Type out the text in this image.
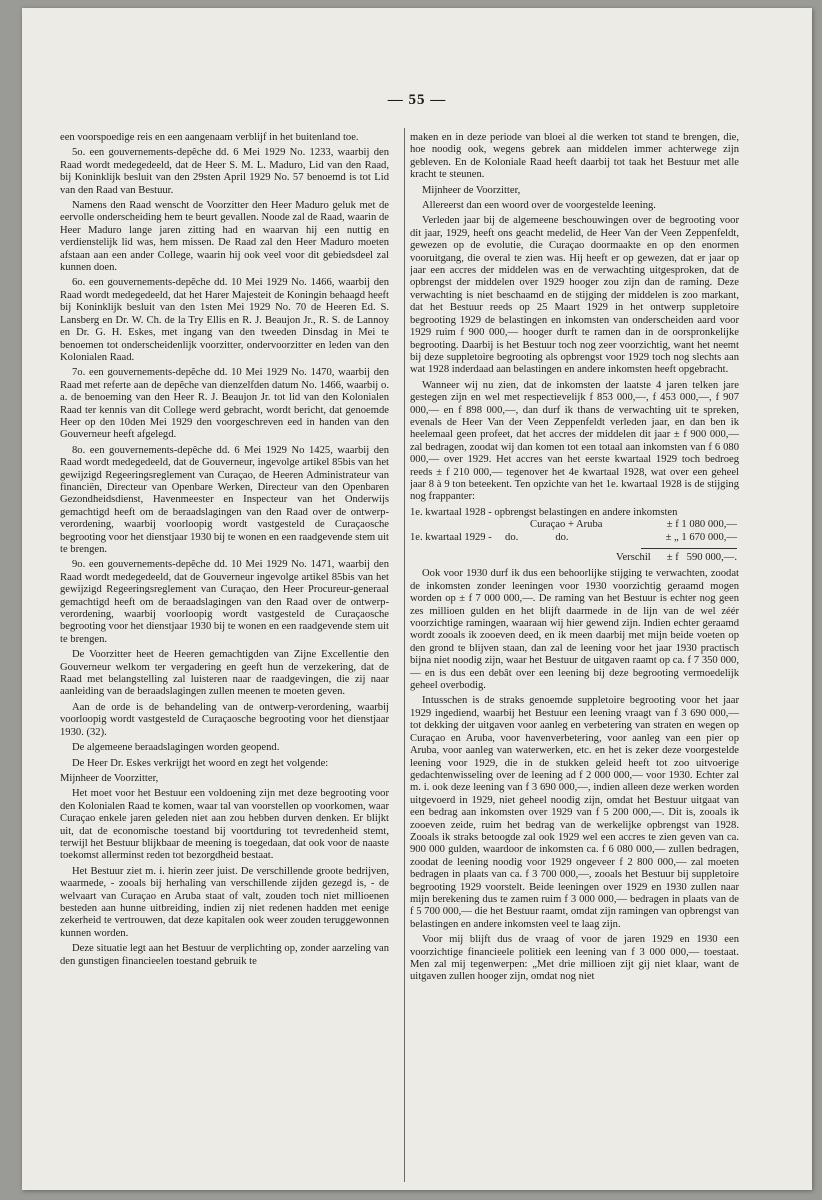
— 55 —

een voorspoedige reis en een aangenaam verblijf in het buitenland toe.

5o. een gouvernements-depêche dd. 6 Mei 1929 No. 1233, waarbij den Raad wordt medegedeeld, dat de Heer S. M. L. Maduro, Lid van den Raad, bij Koninklijk besluit van den 29sten April 1929 No. 57 benoemd is tot Lid van den Raad van Bestuur.

Namens den Raad wenscht de Voorzitter den Heer Maduro geluk met de eervolle onderscheiding hem te beurt gevallen. Noode zal de Raad, waarin de Heer Maduro lange jaren zitting had en waarvan hij een nuttig en verdienstelijk lid was, hem missen. De Raad zal den Heer Maduro moeten afstaan aan een ander College, waarin hij ook veel voor dit gebiedsdeel zal kunnen doen.

6o. een gouvernements-depêche dd. 10 Mei 1929 No. 1466, waarbij den Raad wordt medegedeeld, dat het Harer Majesteit de Koningin behaagd heeft bij Koninklijk besluit van den 1sten Mei 1929 No. 70 de Heeren Ed. S. Lansberg en Dr. W. Ch. de la Try Ellis en R. J. Beaujon Jr., R. S. de Lannoy en Dr. G. H. Eskes, met ingang van den tweeden Dinsdag in Mei te benoemen tot onderscheidenlijk voorzitter, ondervoorzitter en leden van den Kolonialen Raad.

7o. een gouvernements-depêche dd. 10 Mei 1929 No. 1470, waarbij den Raad met referte aan de depêche van dienzelfden datum No. 1466, waarbij o. a. de benoeming van den Heer R. J. Beaujon Jr. tot lid van den Kolonialen Raad ter kennis van dit College werd gebracht, wordt bericht, dat genoemde Heer op den 10den Mei 1929 den voorgeschreven eed in handen van den Gouverneur heeft afgelegd.

8o. een gouvernements-depêche dd. 6 Mei 1929 No 1425, waarbij den Raad wordt medegedeeld, dat de Gouverneur, ingevolge artikel 85bis van het gewijzigd Regeeringsreglement van Curaçao, de Heeren Administrateur van financiën, Directeur van Openbare Werken, Directeur van den Openbaren Gezondheidsdienst, Havenmeester en Inspecteur van het Onderwijs gemachtigd heeft om de beraadslagingen van den Raad over de ontwerp-verordening, waarbij voorloopig wordt vastgesteld de Curaçaosche begrooting voor het dienstjaar 1930 bij te wonen en een raadgevende stem uit te brengen.

9o. een gouvernements-depêche dd. 10 Mei 1929 No. 1471, waarbij den Raad wordt medegedeeld, dat de Gouverneur ingevolge artikel 85bis van het gewijzigd Regeeringsreglement van Curaçao, den Heer Procureur-generaal gemachtigd heeft om de beraadslagingen van den Raad over de ontwerp-verordening, waarbij voorloopig wordt vastgesteld de Curaçaosche begrooting voor het dienstjaar 1930 bij te wonen en een raadgevende stem uit te brengen.

De Voorzitter heet de Heeren gemachtigden van Zijne Excellentie den Gouverneur welkom ter vergadering en geeft hun de verzekering, dat de Raad met belangstelling zal luisteren naar de raadgevingen, die zij naar aanleiding van de beraadslagingen zullen meenen te moeten geven.

Aan de orde is de behandeling van de ontwerp-verordening, waarbij voorloopig wordt vastgesteld de Curaçaosche begrooting voor het dienstjaar 1930. (32).

De algemeene beraadslagingen worden geopend.

De Heer Dr. Eskes verkrijgt het woord en zegt het volgende:

Mijnheer de Voorzitter,

Het moet voor het Bestuur een voldoening zijn met deze begrooting voor den Kolonialen Raad te komen, waar tal van voorstellen op voorkomen, waar Curaçao enkele jaren geleden niet aan zou hebben durven denken. Er blijkt uit, dat de economische toestand bij voortduring tot tevredenheid stemt, terwijl het Bestuur blijkbaar de meening is toegedaan, dat ook voor de naaste toekomst allerminst reden tot bezorgdheid bestaat.

Het Bestuur ziet m. i. hierin zeer juist. De verschillende groote bedrijven, waarmede, - zooals bij herhaling van verschillende zijden gezegd is, - de welvaart van Curaçao en Aruba staat of valt, zouden toch niet millioenen besteden aan hunne uitbreiding, indien zij niet redenen hadden met eenige zekerheid te vertrouwen, dat deze kapitalen ook weer zouden teruggewonnen kunnen worden.

Deze situatie legt aan het Bestuur de verplichting op, zonder aarzeling van den gunstigen financieelen toestand gebruik te

maken en in deze periode van bloei al die werken tot stand te brengen, die, hoe noodig ook, wegens gebrek aan middelen immer achterwege zijn gebleven. En de Koloniale Raad heeft daarbij tot taak het Bestuur met alle kracht te steunen.

Mijnheer de Voorzitter,

Allereerst dan een woord over de voorgestelde leening.

Verleden jaar bij de algemeene beschouwingen over de begrooting voor dit jaar, 1929, heeft ons geacht medelid, de Heer Van der Veen Zeppenfeldt, gewezen op de evolutie, die Curaçao doormaakte en op den enormen vooruitgang, die overal te zien was. Hij heeft er op gewezen, dat er jaar op jaar een accres der middelen was en de verwachting uitgesproken, dat de opbrengst der middelen over 1929 hooger zou zijn dan de raming. Deze verwachting is niet beschaamd en de stijging der middelen is zoo markant, dat het Bestuur reeds op 25 Maart 1929 in het ontwerp suppletoire begrooting 1929 de belastingen en inkomsten van onderscheiden aard voor 1929 ruim f 900 000,— hooger durft te ramen dan in de oorspronkelijke begrooting. Daarbij is het Bestuur toch nog zeer voorzichtig, want het neemt bij deze suppletoire begrooting als opbrengst voor 1929 toch nog slechts aan wat 1928 inderdaad aan belastingen en andere inkomsten heeft opgebracht.

Wanneer wij nu zien, dat de inkomsten der laatste 4 jaren telken jare gestegen zijn en wel met respectievelijk f 853 000,—, f 453 000,—, f 907 000,— en f 898 000,—, dan durf ik thans de verwachting uit te spreken, evenals de Heer Van der Veen Zeppenfeldt verleden jaar, en dan ben ik heelemaal geen profeet, dat het accres der middelen dit jaar ± f 900 000,— zal bedragen, zoodat wij dan komen tot een totaal aan inkomsten van f 6 080 000,— over 1929. Het accres van het eerste kwartaal 1929 toch bedroeg reeds ± f 210 000,— tegenover het 4e kwartaal 1928, wat over een geheel jaar 8 à 9 ton beteekent. Ten opzichte van het 1e. kwartaal 1928 is de stijging nog frappanter:

1e. kwartaal 1928 - opbrengst belastingen en andere inkomsten

Curaçao + Aruba	± f 1 080 000,—
1e. kwartaal 1929 -     do.              do.	± „ 1 670 000,—
Verschil ± f   590 000,—.

Ook voor 1930 durf ik dus een behoorlijke stijging te verwachten, zoodat de inkomsten zonder leeningen voor 1930 voorzichtig geraamd mogen worden op ± f 7 000 000,—. De raming van het Bestuur is echter nog geen zes millioen gulden en het blijft daarmede in de lijn van de wel zéér voorzichtige ramingen, waaraan wij hier gewend zijn. Indien echter geraamd wordt zooals ik zooeven deed, en ik meen daarbij met mijn beide voeten op den grond te blijven staan, dan zal de leening voor het jaar 1930 practisch bijna niet noodig zijn, waar het Bestuur de uitgaven raamt op ca. f 7 350 000,— en is dus een debât over een leening bij deze begrooting vermoedelijk geheel overbodig.

Intusschen is de straks genoemde suppletoire begrooting voor het jaar 1929 ingediend, waarbij het Bestuur een leening vraagt van f 3 690 000,— tot dekking der uitgaven voor aanleg en verbetering van straten en wegen op Curaçao en Aruba, voor havenverbetering, voor aanleg van een pier op Aruba, voor aanleg van waterwerken, etc. en het is zeker deze voorgestelde leening voor 1929, die in de stukken geleid heeft tot zoo uitvoerige gedachtenwisseling over de leening ad f 2 000 000,— voor 1930. Echter zal m. i. ook deze leening van f 3 690 000,—, indien alleen deze werken worden uitgevoerd in 1929, niet geheel noodig zijn, omdat het Bestuur uitgaat van een bedrag aan inkomsten over 1929 van f 5 200 000,—. Dit is, zooals ik zooeven zeide, ruim het bedrag van de werkelijke opbrengst van 1928. Zooals ik straks betoogde zal ook 1929 wel een accres te zien geven van ca. 900 000 gulden, waardoor de inkomsten ca. f 6 080 000,— zullen bedragen, zoodat de leening noodig voor 1929 ongeveer f 2 800 000,— zal moeten bedragen in plaats van ca. f 3 700 000,—, zooals het Bestuur bij suppletoire begrooting 1929 voorstelt. Beide leeningen over 1929 en 1930 zullen naar mijn berekening dus te zamen ruim f 3 000 000,— bedragen in plaats van de f 5 700 000,— die het Bestuur raamt, omdat zijn ramingen van opbrengst van belastingen en andere inkomsten veel te laag zijn.

Voor mij blijft dus de vraag of voor de jaren 1929 en 1930 een voorzichtige financieele politiek een leening van f 3 000 000,— toestaat. Men zal mij tegenwerpen: „Met drie millioen zijt gij niet klaar, want de uitgaven zullen hooger zijn, omdat nog niet
